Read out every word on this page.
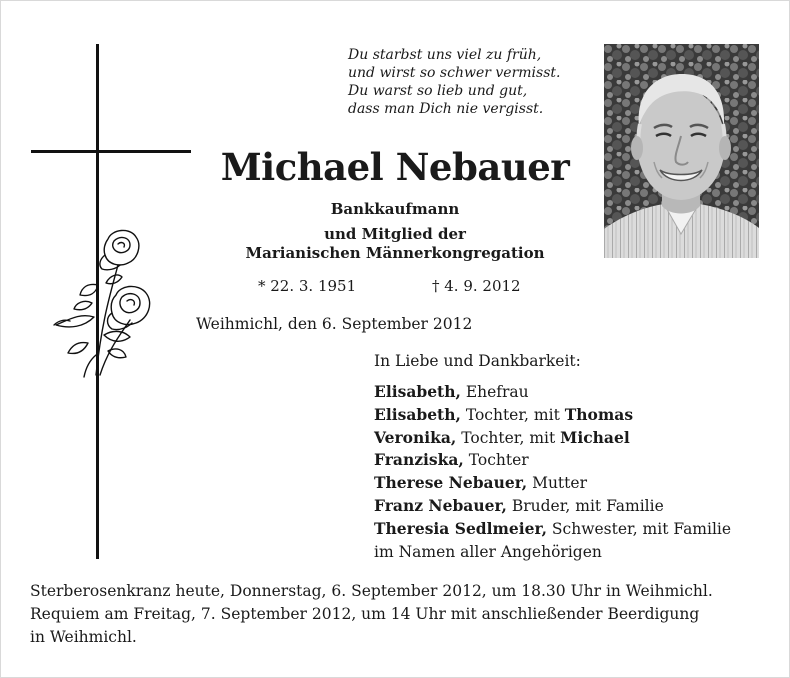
Du starbst uns viel zu früh,
und wirst so schwer vermisst.
Du warst so lieb und gut,
dass man Dich nie vergisst.
Michael Nebauer
Bankkaufmann
und Mitglied der
Marianischen Männerkongregation
* 22. 3. 1951	† 4. 9. 2012
Weihmichl, den 6. September 2012
In Liebe und Dankbarkeit:
Elisabeth, Ehefrau
Elisabeth, Tochter, mit Thomas
Veronika, Tochter, mit Michael
Franziska, Tochter
Therese Nebauer, Mutter
Franz Nebauer, Bruder, mit Familie
Theresia Sedlmeier, Schwester, mit Familie
im Namen aller Angehörigen
Sterberosenkranz heute, Donnerstag, 6. September 2012, um 18.30 Uhr in Weihmichl.
Requiem am Freitag, 7. September 2012, um 14 Uhr mit anschließender Beerdigung
in Weihmichl.
